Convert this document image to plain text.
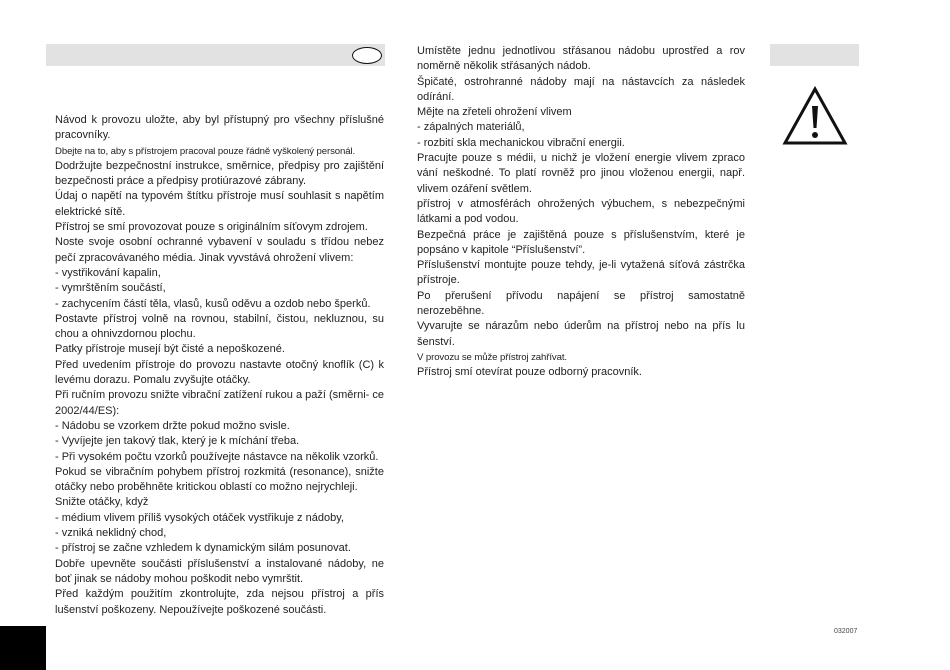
Návod k provozu uložte, aby byl přístupný pro všechny příslušné pracovníky.

Dbejte na to, aby s přístrojem pracoval pouze řádně vyškolený personál.

Dodržujte bezpečnostní instrukce, směrnice, předpisy pro zajištění bezpečnosti práce a předpisy protiúrazové zábrany.

Údaj o napětí na typovém štítku přístroje musí souhlasit s napětím elektrické sítě.

Přístroj se smí provozovat pouze s originálním síťovym zdrojem.

Noste svoje osobní ochranné vybavení v souladu s třídou nebez pečí zpracovávaného média. Jinak vyvstává ohrožení vlivem:

- vystřikování kapalin,

- vymrštěním součástí,

- zachycením částí těla, vlasů, kusů oděvu a ozdob nebo šperků.

Postavte přístroj volně na rovnou, stabilní, čistou, nekluznou, su chou a ohnivzdornou plochu.

Patky přístroje musejí být čisté a nepoškozené.

Před uvedením přístroje do provozu nastavte otočný knoflík (C) k levému dorazu. Pomalu zvyšujte otáčky.

Při ručním provozu snižte vibrační zatížení rukou a paží (směrni- ce 2002/44/ES):

- Nádobu se vzorkem držte pokud možno svisle.

- Vyvíjejte jen takový tlak, který je k míchání třeba.

- Při vysokém počtu vzorků používejte nástavce na několik vzorků.

Pokud se vibračním pohybem přístroj rozkmitá (resonance), snižte otáčky nebo proběhněte kritickou oblastí co možno nejrychleji.

Snižte otáčky, když

- médium vlivem příliš vysokých otáček vystřikuje z nádoby,

- vzniká neklidný chod,

- přístroj se začne vzhledem k dynamickým silám posunovat.

Dobře upevněte součásti příslušenství a instalované nádoby, ne boť jinak se nádoby mohou poškodit nebo vymrštit.

Před každým použitím zkontrolujte, zda nejsou přístroj a přís lušenství poškozeny. Nepoužívejte poškozené součásti.

Umístěte jednu jednotlivou střásanou nádobu uprostřed a rov noměrně několik střásaných nádob.

Špičaté, ostrohranné nádoby mají na nástavcích za následek odírání.

Mějte na zřeteli ohrožení vlivem

- zápalných materiálů,

- rozbití skla mechanickou vibrační energii.

Pracujte pouze s médii, u nichž je vložení energie vlivem zpraco vání neškodné. To platí rovněž pro jinou vloženou energii, např. vlivem ozáření světlem.

přístroj v atmosférách ohrožených výbuchem, s nebezpečnými látkami a pod vodou.

Bezpečná práce je zajištěná pouze s příslušenstvím, které je popsáno v kapitole “Příslušenství”.

Příslušenství montujte pouze tehdy, je-li vytažená síťová zástrčka přístroje.

Po přerušení přívodu napájení se přístroj samostatně nerozeběhne.

Vyvarujte se nárazům nebo úderům na přístroj nebo na přís lu šenství.

V provozu se může přístroj zahřívat.

Přístroj smí otevírat pouze odborný pracovník.

032007
